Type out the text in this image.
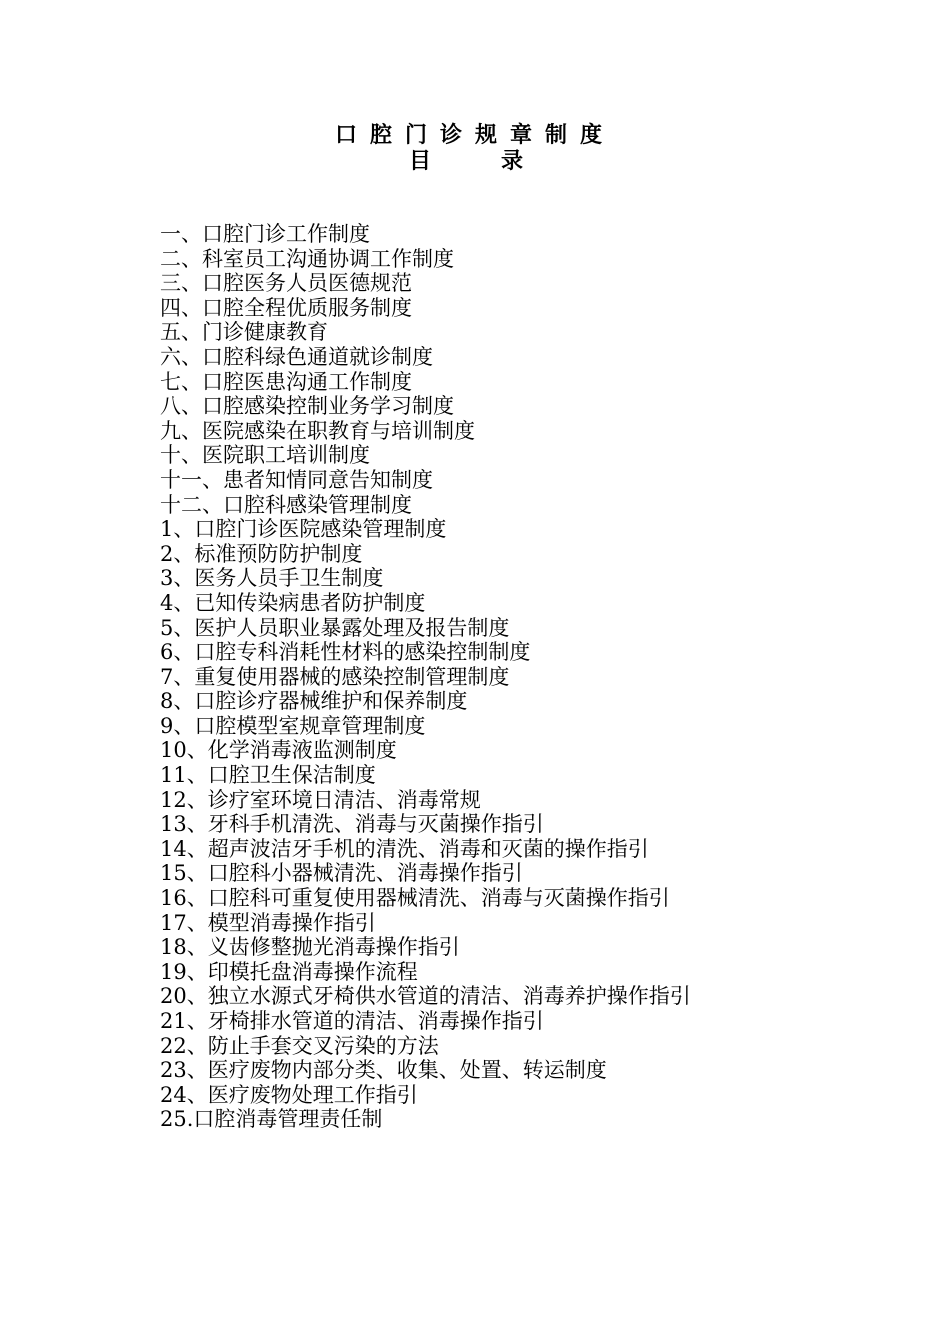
口腔门诊规章制度
目录
一、口腔门诊工作制度
二、科室员工沟通协调工作制度
三、口腔医务人员医德规范
四、口腔全程优质服务制度
五、门诊健康教育
六、口腔科绿色通道就诊制度
七、口腔医患沟通工作制度
八、口腔感染控制业务学习制度
九、医院感染在职教育与培训制度
十、医院职工培训制度
十一、患者知情同意告知制度
十二、口腔科感染管理制度
1、口腔门诊医院感染管理制度
2、标准预防防护制度
3、医务人员手卫生制度
4、已知传染病患者防护制度
5、医护人员职业暴露处理及报告制度
6、口腔专科消耗性材料的感染控制制度
7、重复使用器械的感染控制管理制度
8、口腔诊疗器械维护和保养制度
9、口腔模型室规章管理制度
10、化学消毒液监测制度
11、口腔卫生保洁制度
12、诊疗室环境日清洁、消毒常规
13、牙科手机清洗、消毒与灭菌操作指引
14、超声波洁牙手机的清洗、消毒和灭菌的操作指引
15、口腔科小器械清洗、消毒操作指引
16、口腔科可重复使用器械清洗、消毒与灭菌操作指引
17、模型消毒操作指引
18、义齿修整抛光消毒操作指引
19、印模托盘消毒操作流程
20、独立水源式牙椅供水管道的清洁、消毒养护操作指引
21、牙椅排水管道的清洁、消毒操作指引
22、防止手套交叉污染的方法
23、医疗废物内部分类、收集、处置、转运制度
24、医疗废物处理工作指引
25.口腔消毒管理责任制
